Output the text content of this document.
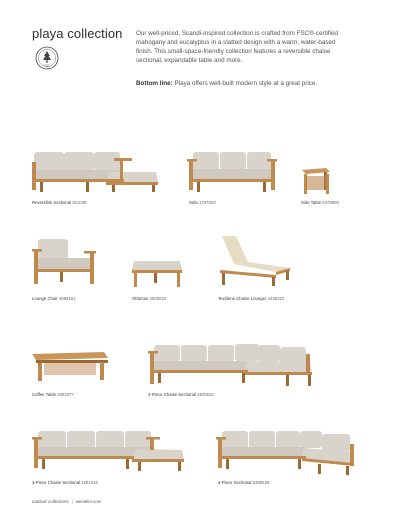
playa collection
FSC
Our well-priced, Scandi-inspired collection is crafted from FSC®-certified mahogany and eucalyptus in a slatted design with a warm, water-based finish. This small-space-friendly collection features a reversible chaise sectional, expandable table and more.
Bottom line: Playa offers well-built modern style at a great price.
Reversible Sectional 911038	Sofa 1767053	Side Table 6379890
Lounge Chair 4665161	Ottoman 2505532	Textilene Chaise Lounger 4436322
Coffee Table 3083377	4-Piece Chaise Sectional 2505532
3-Piece Chaise Sectional 1591316	3-Piece Sectional 5398528
outdoor collections | westelm.com
